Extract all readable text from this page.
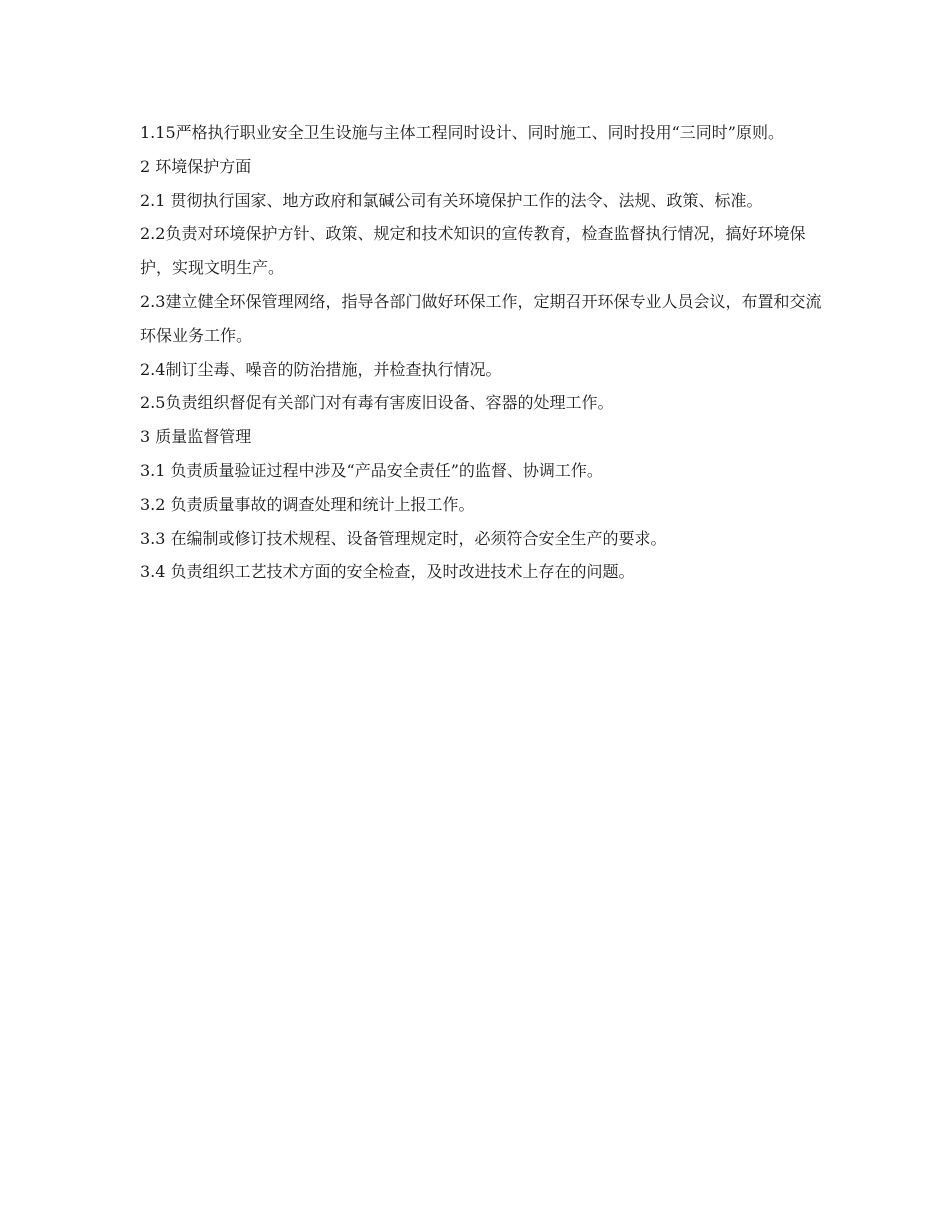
1.15严格执行职业安全卫生设施与主体工程同时设计、同时施工、同时投用“三同时”原则。

2 环境保护方面

2.1 贯彻执行国家、地方政府和氯碱公司有关环境保护工作的法令、法规、政策、标准。

2.2负责对环境保护方针、政策、规定和技术知识的宣传教育，检查监督执行情况，搞好环境保护，实现文明生产。

2.3建立健全环保管理网络，指导各部门做好环保工作，定期召开环保专业人员会议，布置和交流环保业务工作。

2.4制订尘毒、噪音的防治措施，并检查执行情况。

2.5负责组织督促有关部门对有毒有害废旧设备、容器的处理工作。

3 质量监督管理

3.1 负责质量验证过程中涉及“产品安全责任”的监督、协调工作。

3.2 负责质量事故的调查处理和统计上报工作。

3.3 在编制或修订技术规程、设备管理规定时，必须符合安全生产的要求。

3.4 负责组织工艺技术方面的安全检查，及时改进技术上存在的问题。
